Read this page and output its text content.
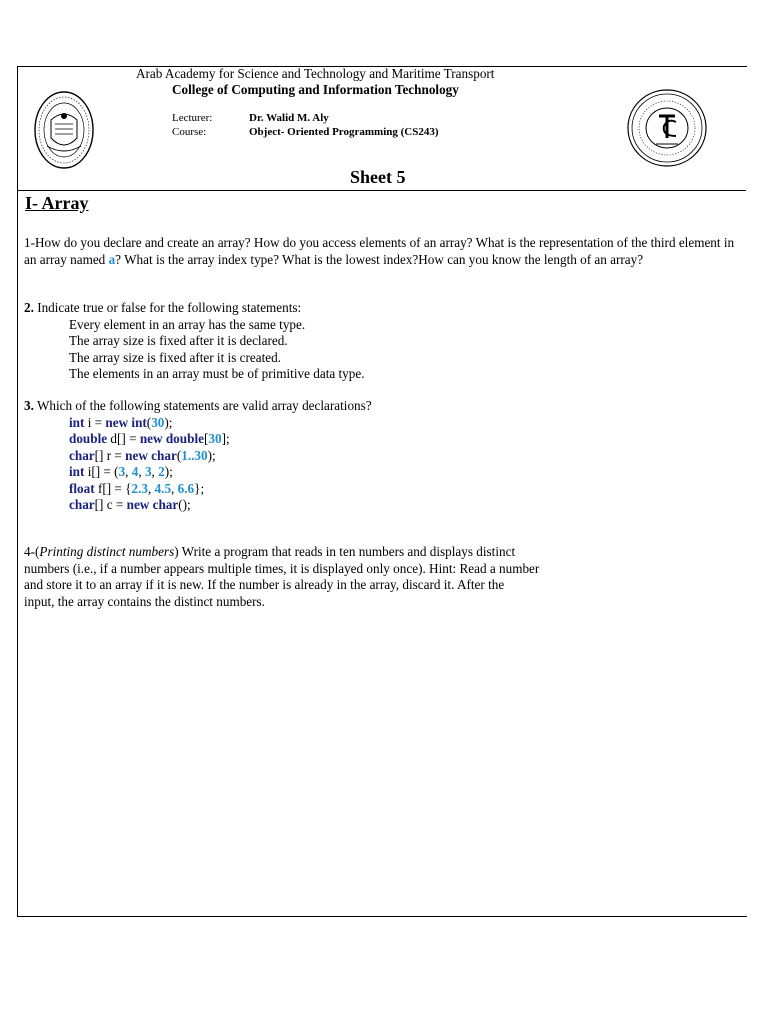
Arab Academy for Science and Technology and Maritime Transport
College of Computing and Information Technology
Lecturer:	Dr. Walid M. Aly
Course:	Object- Oriented Programming (CS243)
Sheet 5
I- Array
1-How do you declare and create an array? How do you access elements of an array? What is the representation of the third element in an array named a? What is the array index type? What is the lowest index?How can you know the length of an array?
2. Indicate true or false for the following statements:
Every element in an array has the same type.
The array size is fixed after it is declared.
The array size is fixed after it is created.
The elements in an array must be of primitive data type.
3. Which of the following statements are valid array declarations?
int i = new int(30);
double d[] = new double[30];
char[] r = new char(1..30);
int i[] = (3, 4, 3, 2);
float f[] = {2.3, 4.5, 6.6};
char[] c = new char();
4-(Printing distinct numbers) Write a program that reads in ten numbers and displays distinct
numbers (i.e., if a number appears multiple times, it is displayed only once). Hint: Read a number
and store it to an array if it is new. If the number is already in the array, discard it. After the
input, the array contains the distinct numbers.
